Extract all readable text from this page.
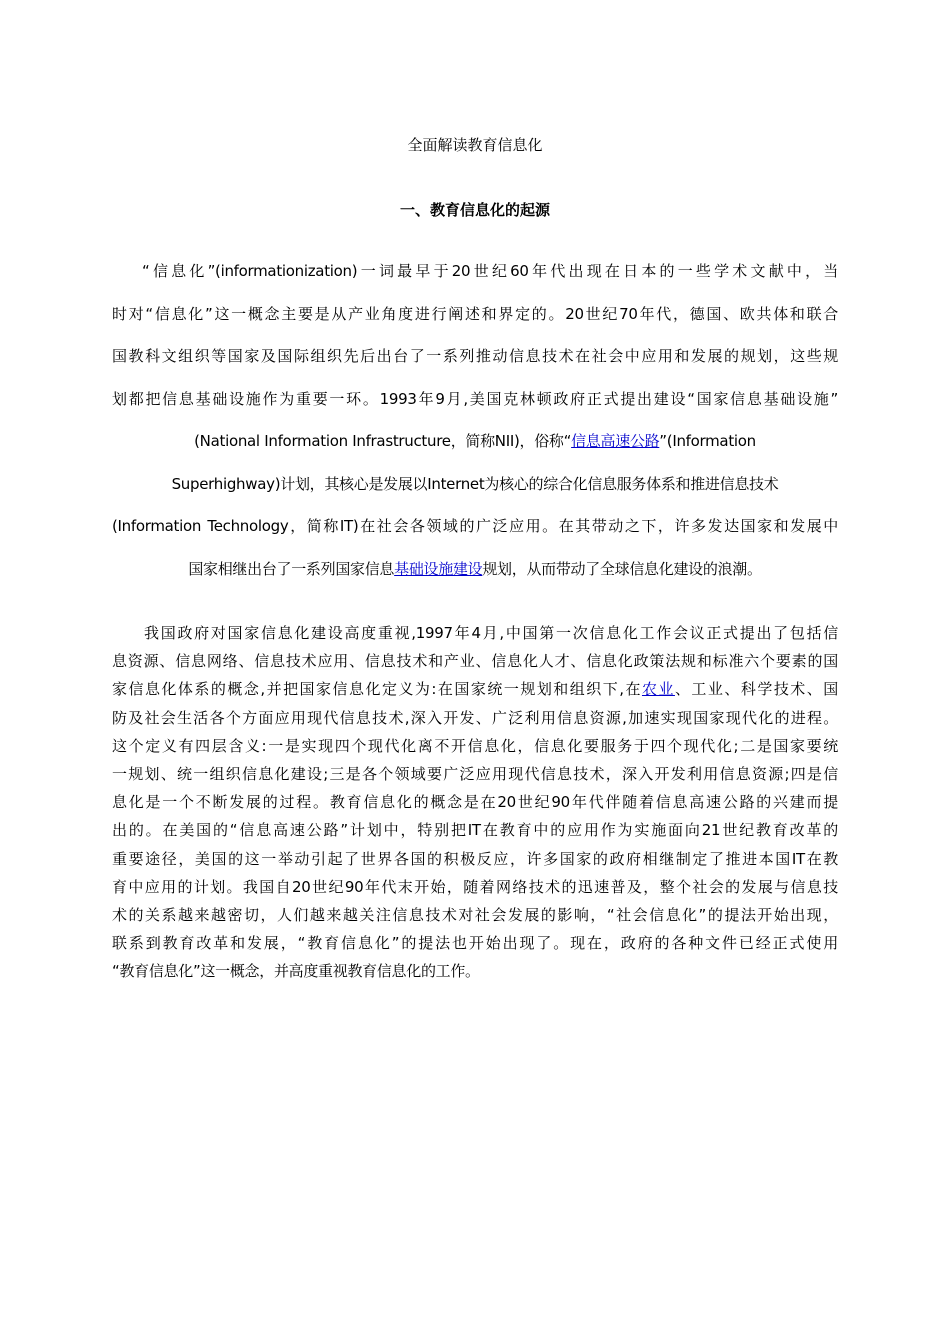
全面解读教育信息化
一、教育信息化的起源
“信息化”(informationization)一词最早于20世纪60年代出现在日本的一些学术文献中，当
时对“信息化”这一概念主要是从产业角度进行阐述和界定的。20世纪70年代，德国、欧共体和联合
国教科文组织等国家及国际组织先后出台了一系列推动信息技术在社会中应用和发展的规划，这些规
划都把信息基础设施作为重要一环。1993年9月,美国克林顿政府正式提出建设“国家信息基础设施”
(National Information Infrastructure，简称NII)，俗称“信息高速公路”(Information
Superhighway)计划，其核心是发展以Internet为核心的综合化信息服务体系和推进信息技术
(Information Technology，简称IT)在社会各领域的广泛应用。在其带动之下，许多发达国家和发展中
国家相继出台了一系列国家信息基础设施建设规划，从而带动了全球信息化建设的浪潮。
我国政府对国家信息化建设高度重视,1997年4月,中国第一次信息化工作会议正式提出了包括信
息资源、信息网络、信息技术应用、信息技术和产业、信息化人才、信息化政策法规和标准六个要素的国
家信息化体系的概念,并把国家信息化定义为:在国家统一规划和组织下,在农业、工业、科学技术、国
防及社会生活各个方面应用现代信息技术,深入开发、广泛利用信息资源,加速实现国家现代化的进程。
这个定义有四层含义:一是实现四个现代化离不开信息化，信息化要服务于四个现代化;二是国家要统
一规划、统一组织信息化建设;三是各个领域要广泛应用现代信息技术，深入开发利用信息资源;四是信
息化是一个不断发展的过程。教育信息化的概念是在20世纪90年代伴随着信息高速公路的兴建而提
出的。在美国的“信息高速公路”计划中，特别把IT在教育中的应用作为实施面向21世纪教育改革的
重要途径，美国的这一举动引起了世界各国的积极反应，许多国家的政府相继制定了推进本国IT在教
育中应用的计划。我国自20世纪90年代末开始，随着网络技术的迅速普及，整个社会的发展与信息技
术的关系越来越密切，人们越来越关注信息技术对社会发展的影响，“社会信息化”的提法开始出现，
联系到教育改革和发展，“教育信息化”的提法也开始出现了。现在，政府的各种文件已经正式使用
“教育信息化”这一概念，并高度重视教育信息化的工作。
